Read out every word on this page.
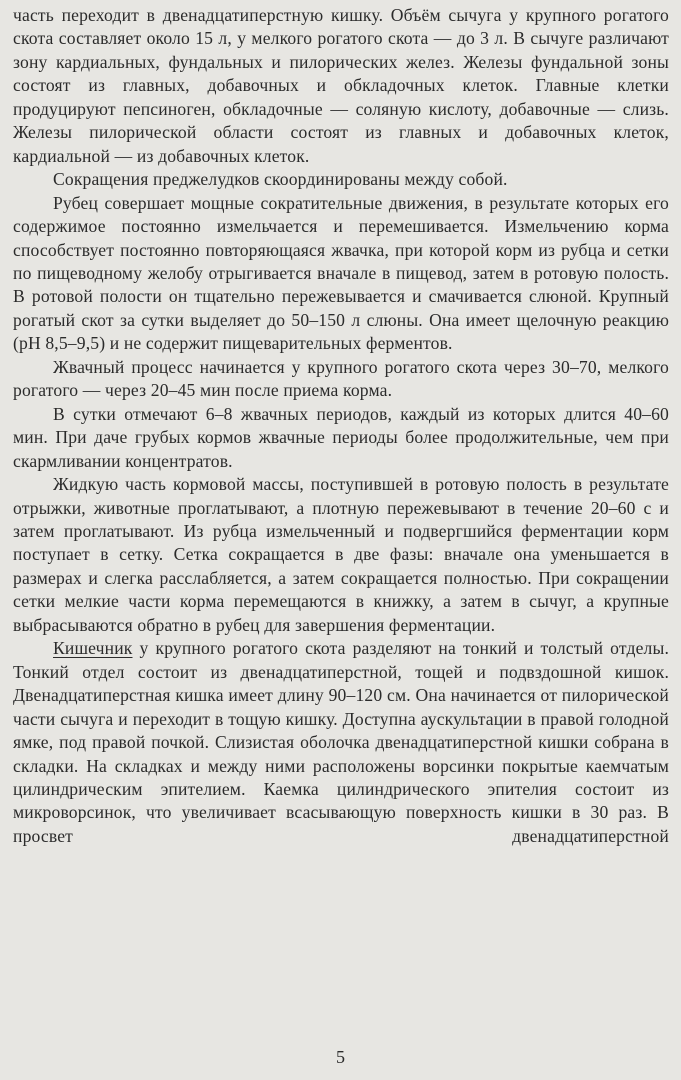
часть переходит в двенадцатиперстную кишку. Объём сычуга у крупного рогатого скота составляет около 15 л, у мелкого рогатого скота — до 3 л. В сычуге различают зону кардиальных, фундальных и пилорических желез. Железы фундальной зоны состоят из главных, добавочных и обкладочных клеток. Главные клетки продуцируют пепсиноген, обкладочные — соляную кислоту, добавочные — слизь. Железы пилорической области состоят из главных и добавочных клеток, кардиальной — из добавочных клеток.

Сокращения преджелудков скоординированы между собой.

Рубец совершает мощные сократительные движения, в результате которых его содержимое постоянно измельчается и перемешивается. Измельчению корма способствует постоянно повторяющаяся жвачка, при которой корм из рубца и сетки по пищеводному желобу отрыгивается вначале в пищевод, затем в ротовую полость. В ротовой полости он тщательно пережевывается и смачивается слюной. Крупный рогатый скот за сутки выделяет до 50–150 л слюны. Она имеет щелочную реакцию (рН 8,5–9,5) и не содержит пищеварительных ферментов.

Жвачный процесс начинается у крупного рогатого скота через 30–70, мелкого рогатого — через 20–45 мин после приема корма.

В сутки отмечают 6–8 жвачных периодов, каждый из которых длится 40–60 мин. При даче грубых кормов жвачные периоды более продолжительные, чем при скармливании концентратов.

Жидкую часть кормовой массы, поступившей в ротовую полость в результате отрыжки, животные проглатывают, а плотную пережевывают в течение 20–60 с и затем проглатывают. Из рубца измельченный и подвергшийся ферментации корм поступает в сетку. Сетка сокращается в две фазы: вначале она уменьшается в размерах и слегка расслабляется, а затем сокращается полностью. При сокращении сетки мелкие части корма перемещаются в книжку, а затем в сычуг, а крупные выбрасываются обратно в рубец для завершения ферментации.

Кишечник у крупного рогатого скота разделяют на тонкий и толстый отделы. Тонкий отдел состоит из двенадцатиперстной, тощей и подвздошной кишок. Двенадцатиперстная кишка имеет длину 90–120 см. Она начинается от пилорической части сычуга и переходит в тощую кишку. Доступна аускультации в правой голодной ямке, под правой почкой. Слизистая оболочка двенадцатиперстной кишки собрана в складки. На складках и между ними расположены ворсинки покрытые каемчатым цилиндрическим эпителием. Каемка цилиндрического эпителия состоит из микроворсинок, что увеличивает всасывающую поверхность кишки в 30 раз. В просвет двенадцатиперстной

5
